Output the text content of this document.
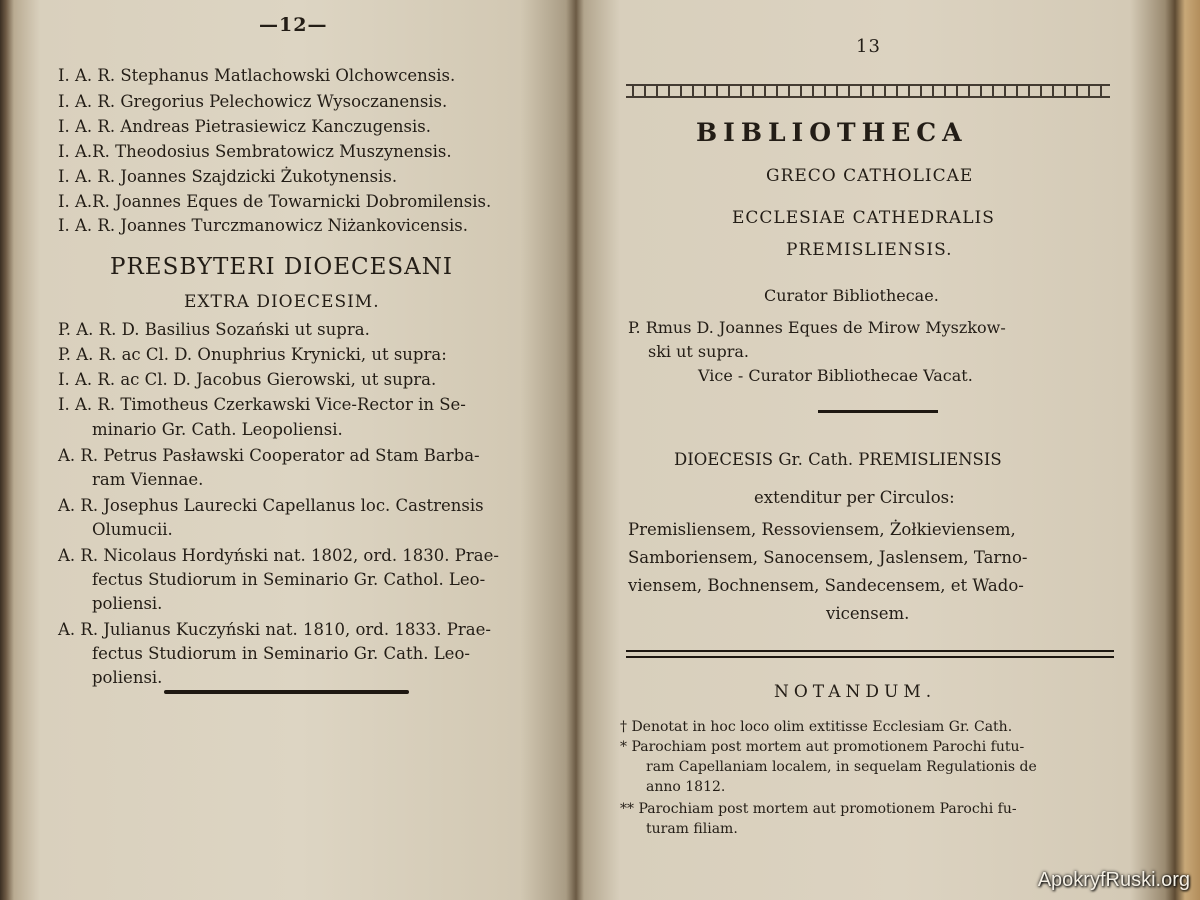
—12—
I. A. R. Stephanus Matlachowski Olchowcensis.
I. A. R. Gregorius Pelechowicz Wysoczanensis.
I. A. R. Andreas Pietrasiewicz Kanczugensis.
I. A.R. Theodosius Sembratowicz Muszynensis.
I. A. R. Joannes Szajdzicki Żukotynensis.
I. A.R. Joannes Eques de Towarnicki Dobromilensis.
I. A. R. Joannes Turczmanowicz Niżankovicensis.
PRESBYTERI DIOECESANI
EXTRA DIOECESIM.
P. A. R. D. Basilius Sozański ut supra.
P. A. R. ac Cl. D. Onuphrius Krynicki, ut supra:
I. A. R. ac Cl. D. Jacobus Gierowski, ut supra.
I. A. R. Timotheus Czerkawski Vice-Rector in Se-
minario Gr. Cath. Leopoliensi.
A. R. Petrus Pasławski Cooperator ad Stam Barba-
ram Viennae.
A. R. Josephus Laurecki Capellanus loc. Castrensis
Olumucii.
A. R. Nicolaus Hordyński nat. 1802, ord. 1830. Prae-
fectus Studiorum in Seminario Gr. Cathol. Leo-
poliensi.
A. R. Julianus Kuczyński nat. 1810, ord. 1833. Prae-
fectus Studiorum in Seminario Gr. Cath. Leo-
poliensi.
13
BIBLIOTHECA
GRECO CATHOLICAE
ECCLESIAE CATHEDRALIS
PREMISLIENSIS.
Curator Bibliothecae.
P. Rmus D. Joannes Eques de Mirow Myszkow-
ski ut supra.
Vice - Curator Bibliothecae Vacat.
DIOECESIS Gr. Cath. PREMISLIENSIS
extenditur per Circulos:
Premisliensem, Ressoviensem, Żołkieviensem,
Samboriensem, Sanocensem, Jaslensem, Tarno-
viensem, Bochnensem, Sandecensem, et Wado-
vicensem.
NOTANDUM.
† Denotat in hoc loco olim extitisse Ecclesiam Gr. Cath.
* Parochiam post mortem aut promotionem Parochi futu-
ram Capellaniam localem, in sequelam Regulationis de
anno 1812.
** Parochiam post mortem aut promotionem Parochi fu-
turam filiam.
ApokryfRuski.org
